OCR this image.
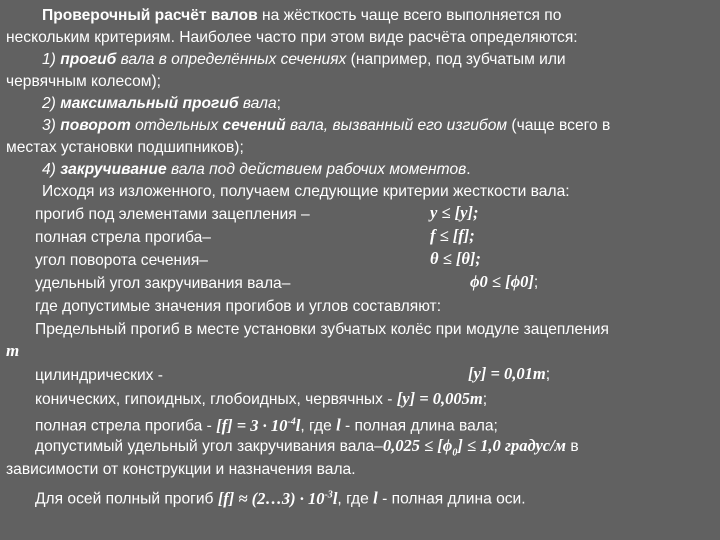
Проверочный расчёт валов на жёсткость чаще всего выполняется по
нескольким критериям. Наиболее часто при этом виде расчёта определяются:
1) прогиб вала в определённых сечениях (например, под зубчатым или
червячным колесом);
2) максимальный прогиб вала;
3) поворот отдельных сечений вала, вызванный его изгибом (чаще всего в
местах установки подшипников);
4) закручивание вала под действием рабочих моментов.
Исходя из изложенного, получаем следующие критерии жесткости вала:
прогиб под элементами зацепления –	y ≤ [y];
полная стрела прогиба–	f ≤ [f];
угол поворота сечения–	θ ≤ [θ];
удельный угол закручивания вала–	ϕ0 ≤ [ϕ0];
где допустимые значения прогибов и углов составляют:
Предельный прогиб в месте установки зубчатых колёс при модуле зацепления
m
цилиндрических -	[y] = 0,01m;
конических, гипоидных, глобоидных, червячных - [y] = 0,005m;
полная стрела прогиба - $[f] = 3 \cdot 10^{-4}l$, где l - полная длина вала;
допустимый удельный угол закручивания вала–0,025 ≤ $[\phi_0] \le 1,0$ градус/м в
зависимости от конструкции и назначения вала.
Для осей полный прогиб [f] ≈ (2…3) · $10^{-3}l$, где l - полная длина оси.
